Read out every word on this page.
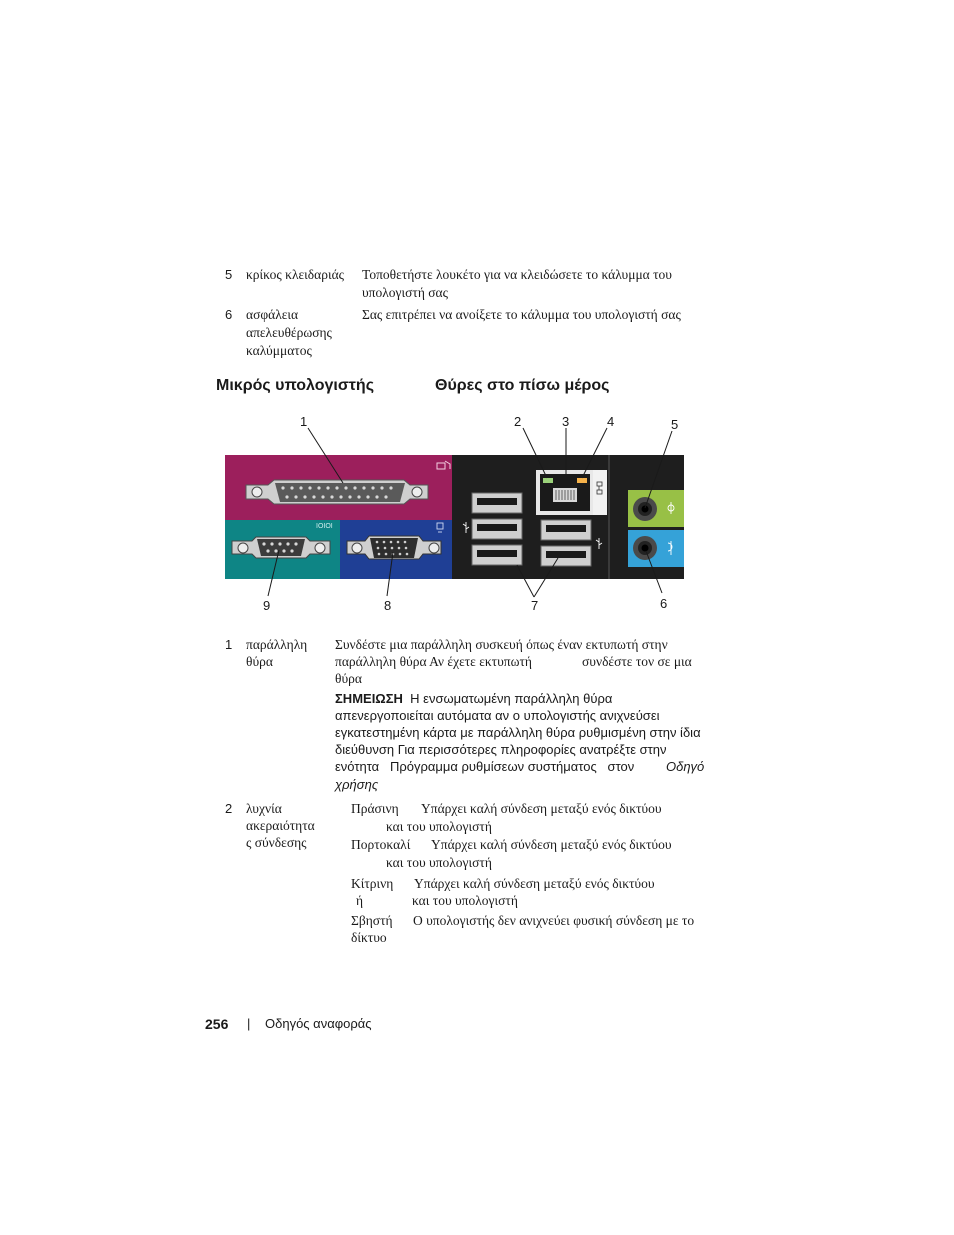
5 κρίκος κλειδαριάς Τοποθετήστε λουκέτο για να κλειδώσετε το κάλυμμα του
υπολογιστή σας
6 ασφάλεια
απελευθέρωσης
καλύμματος
Σας επιτρέπει να ανοίξετε το κάλυμμα του υπολογιστή σας
Μικρός υπολογιστής	Θύρες στο πίσω μέρος
IOIOI
1	2	3	4	5
6
7
8
9
1 παράλληλη
θύρα
Συνδέστε μια παράλληλη συσκευή όπως έναν εκτυπωτή στην
παράλληλη θύρα Αν έχετε εκτυπωτή	συνδέστε τον σε μια
θύρα
ΣΗΜΕΙΩΣΗ Η ενσωματωμένη παράλληλη θύρα
απενεργοποιείται αυτόματα αν ο υπολογιστής ανιχνεύσει
εγκατεστημένη κάρτα με παράλληλη θύρα ρυθμισμένη στην ίδια
διεύθυνση Για περισσότερες πληροφορίες ανατρέξτε στην
ενότητα   Πρόγραμμα ρυθμίσεων συστήματος   στον Οδηγό
χρήσης
2 λυχνία
ακεραιότητα
ς σύνδεσης
Πράσινη Υπάρχει καλή σύνδεση μεταξύ ενός δικτύου
και του υπολογιστή
Πορτοκαλί Υπάρχει καλή σύνδεση μεταξύ ενός δικτύου
και του υπολογιστή
Κίτρινη Υπάρχει καλή σύνδεση μεταξύ ενός δικτύου
ή	και του υπολογιστή
Σβηστή Ο υπολογιστής δεν ανιχνεύει φυσική σύνδεση με το
δίκτυο
256 | Οδηγός αναφοράς
